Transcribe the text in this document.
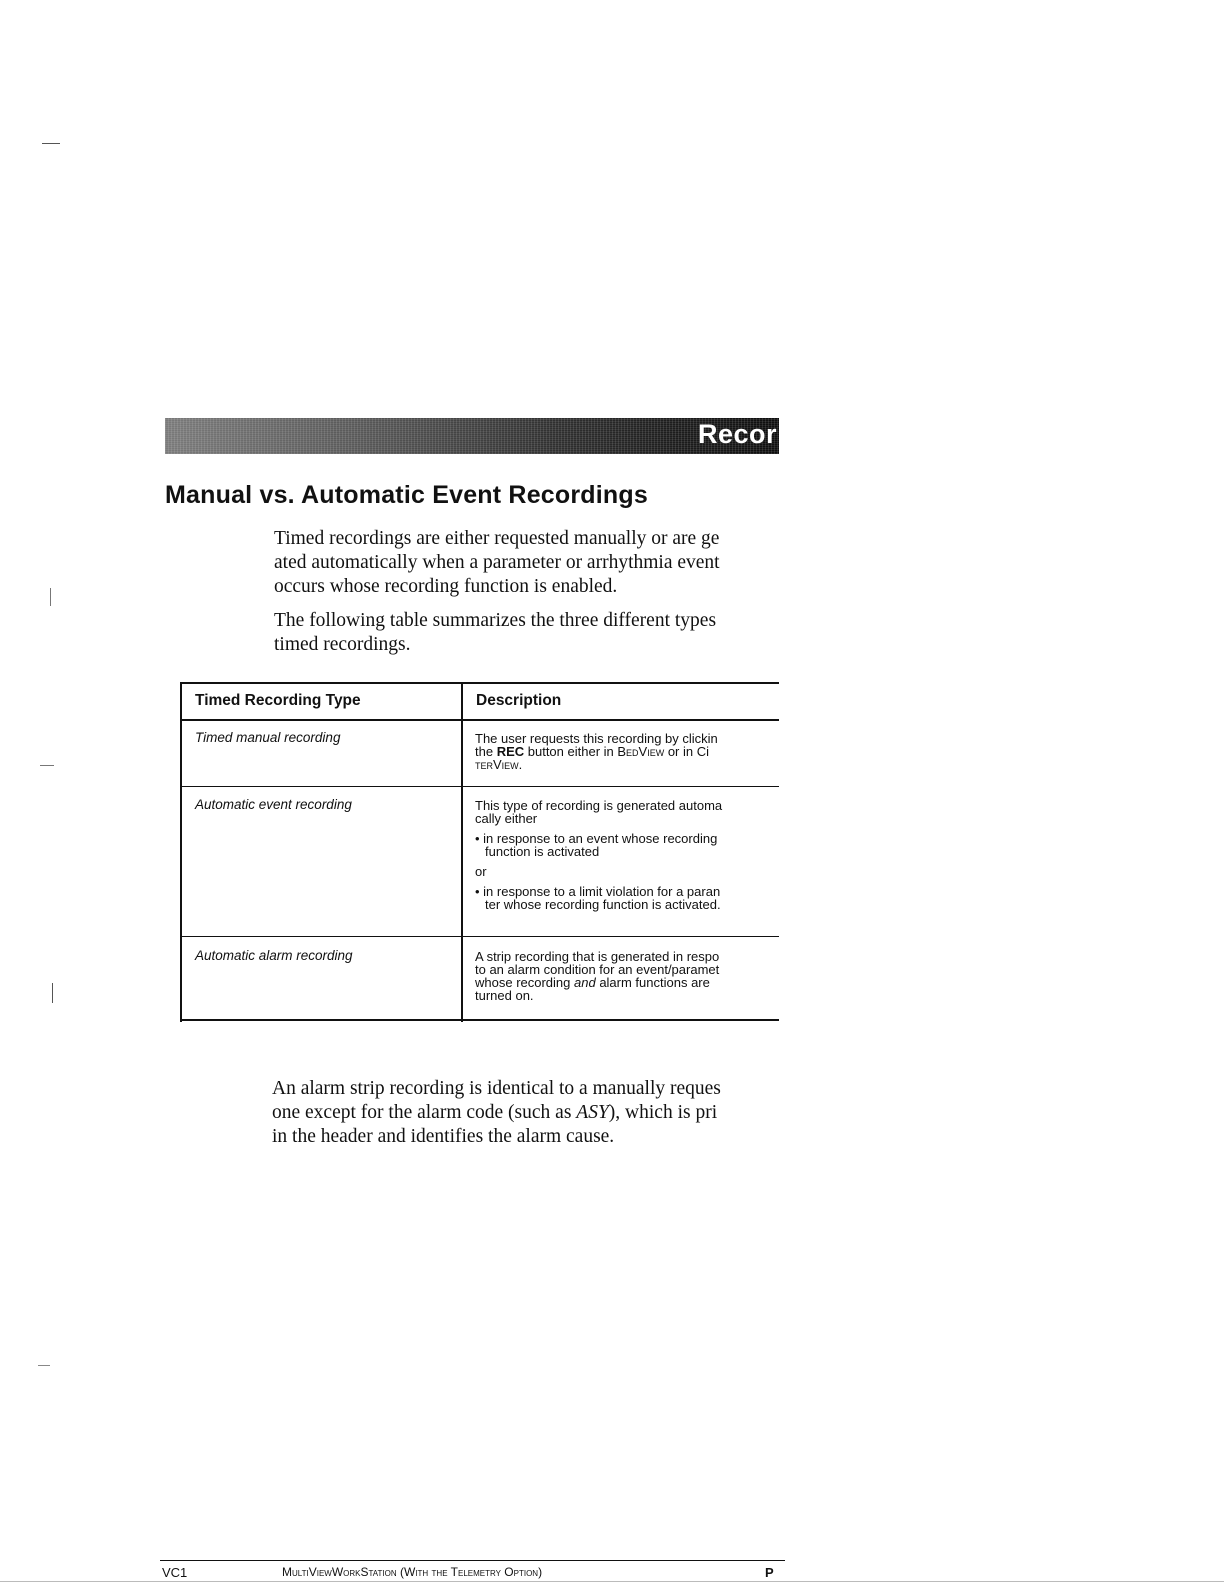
Recor
Manual vs. Automatic Event Recordings
Timed recordings are either requested manually or are ge
ated automatically when a parameter or arrhythmia event
occurs whose recording function is enabled.
The following table summarizes the three different types
timed recordings.
Timed Recording Type	Description
Timed manual recording	The user requests this recording by clickin
the REC button either in BedView or in Ci
terView.
Automatic event recording	This type of recording is generated automa
cally either
• in response to an event whose recording
function is activated
or
• in response to a limit violation for a paran
ter whose recording function is activated.
Automatic alarm recording	A strip recording that is generated in respo
to an alarm condition for an event/paramet
whose recording and alarm functions are
turned on.
An alarm strip recording is identical to a manually reques
one except for the alarm code (such as ASY), which is pri
in the header and identifies the alarm cause.
VC1	MultiViewWorkStation (With the Telemetry Option)	P
